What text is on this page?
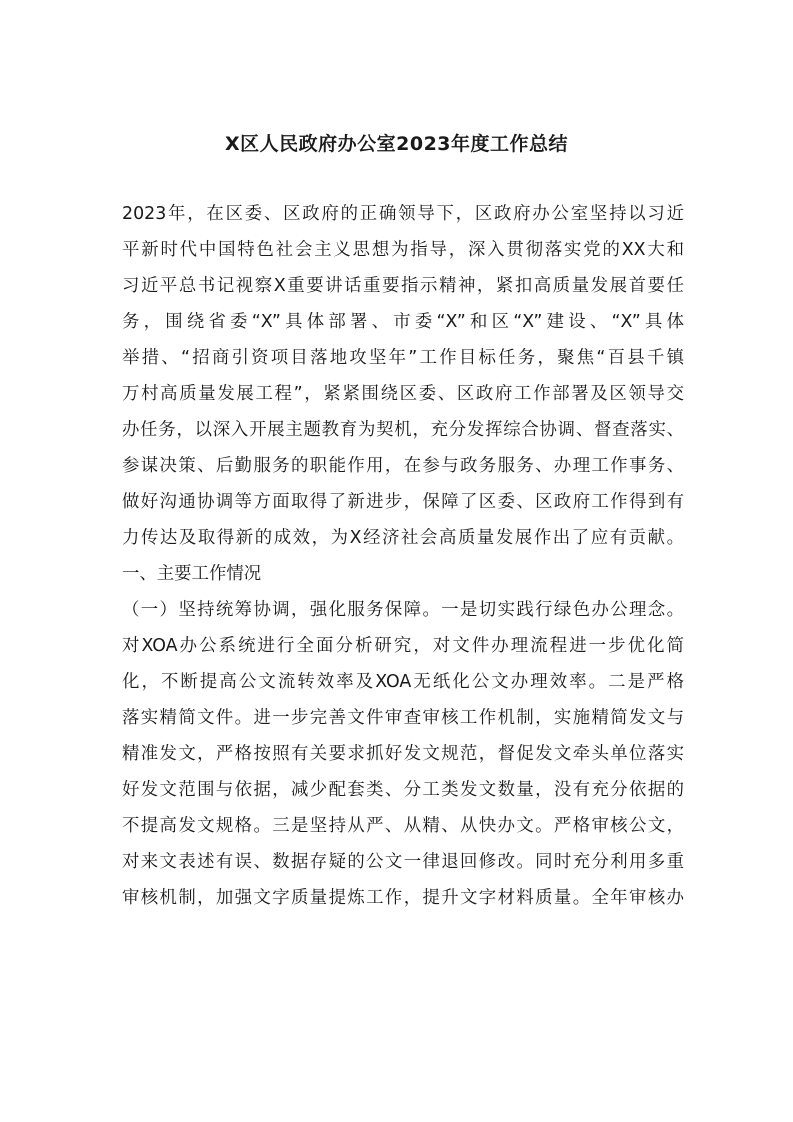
X区人民政府办公室2023年度工作总结
2023年，在区委、区政府的正确领导下，区政府办公室坚持以习近
平新时代中国特色社会主义思想为指导，深入贯彻落实党的XX大和
习近平总书记视察X重要讲话重要指示精神，紧扣高质量发展首要任
务，围绕省委“X”具体部署、市委“X”和区“X”建设、“X”具体
举措、“招商引资项目落地攻坚年”工作目标任务，聚焦“百县千镇
万村高质量发展工程”，紧紧围绕区委、区政府工作部署及区领导交
办任务，以深入开展主题教育为契机，充分发挥综合协调、督查落实、
参谋决策、后勤服务的职能作用，在参与政务服务、办理工作事务、
做好沟通协调等方面取得了新进步，保障了区委、区政府工作得到有
力传达及取得新的成效，为X经济社会高质量发展作出了应有贡献。
一、主要工作情况
（一）坚持统筹协调，强化服务保障。一是切实践行绿色办公理念。
对XOA办公系统进行全面分析研究，对文件办理流程进一步优化简
化，不断提高公文流转效率及XOA无纸化公文办理效率。二是严格
落实精简文件。进一步完善文件审查审核工作机制，实施精简发文与
精准发文，严格按照有关要求抓好发文规范，督促发文牵头单位落实
好发文范围与依据，减少配套类、分工类发文数量，没有充分依据的
不提高发文规格。三是坚持从严、从精、从快办文。严格审核公文，
对来文表述有误、数据存疑的公文一律退回修改。同时充分利用多重
审核机制，加强文字质量提炼工作，提升文字材料质量。全年审核办
